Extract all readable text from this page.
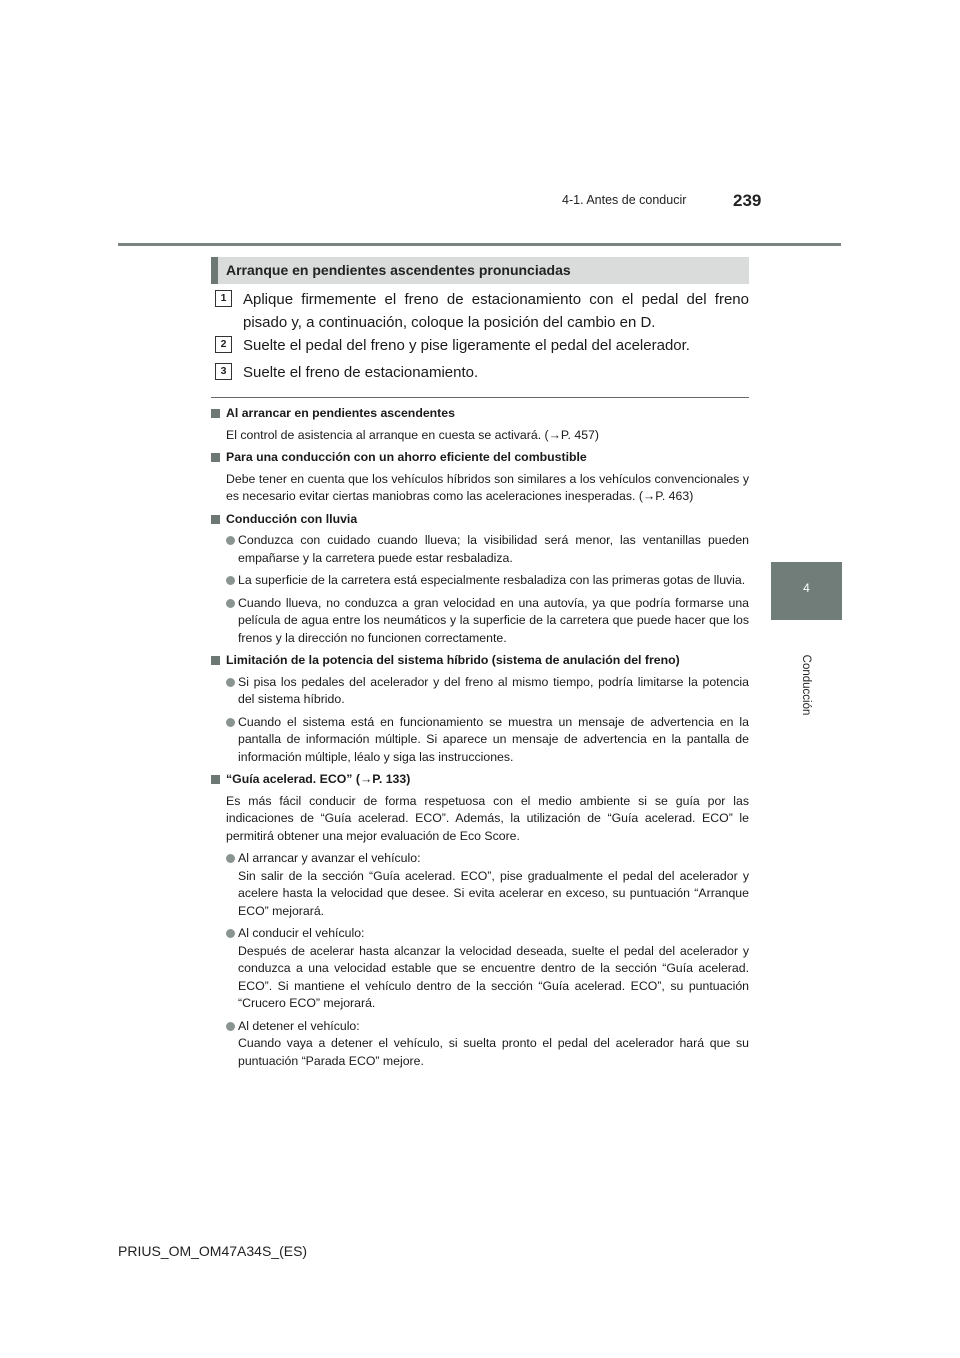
4-1. Antes de conducir	239
4
Conducción
Arranque en pendientes ascendentes pronunciadas
1	Aplique firmemente el freno de estacionamiento con el pedal del freno pisado y, a continuación, coloque la posición del cambio en D.
2	Suelte el pedal del freno y pise ligeramente el pedal del acelerador.
3	Suelte el freno de estacionamiento.
Al arrancar en pendientes ascendentes
El control de asistencia al arranque en cuesta se activará. (→P. 457)
Para una conducción con un ahorro eficiente del combustible
Debe tener en cuenta que los vehículos híbridos son similares a los vehículos convencionales y es necesario evitar ciertas maniobras como las aceleraciones inesperadas. (→P. 463)
Conducción con lluvia
Conduzca con cuidado cuando llueva; la visibilidad será menor, las ventanillas pueden empañarse y la carretera puede estar resbaladiza.
La superficie de la carretera está especialmente resbaladiza con las primeras gotas de lluvia.
Cuando llueva, no conduzca a gran velocidad en una autovía, ya que podría formarse una película de agua entre los neumáticos y la superficie de la carretera que puede hacer que los frenos y la dirección no funcionen correctamente.
Limitación de la potencia del sistema híbrido (sistema de anulación del freno)
Si pisa los pedales del acelerador y del freno al mismo tiempo, podría limitarse la potencia del sistema híbrido.
Cuando el sistema está en funcionamiento se muestra un mensaje de advertencia en la pantalla de información múltiple. Si aparece un mensaje de advertencia en la pantalla de información múltiple, léalo y siga las instrucciones.
“Guía acelerad. ECO” (→P. 133)
Es más fácil conducir de forma respetuosa con el medio ambiente si se guía por las indicaciones de “Guía acelerad. ECO”. Además, la utilización de “Guía acelerad. ECO” le permitirá obtener una mejor evaluación de Eco Score.
Al arrancar y avanzar el vehículo:
Sin salir de la sección “Guía acelerad. ECO”, pise gradualmente el pedal del acelerador y acelere hasta la velocidad que desee. Si evita acelerar en exceso, su puntuación “Arranque ECO” mejorará.
Al conducir el vehículo:
Después de acelerar hasta alcanzar la velocidad deseada, suelte el pedal del acelerador y conduzca a una velocidad estable que se encuentre dentro de la sección “Guía acelerad. ECO”. Si mantiene el vehículo dentro de la sección “Guía acelerad. ECO”, su puntuación “Crucero ECO” mejorará.
Al detener el vehículo:
Cuando vaya a detener el vehículo, si suelta pronto el pedal del acelerador hará que su puntuación “Parada ECO” mejore.
PRIUS_OM_OM47A34S_(ES)
